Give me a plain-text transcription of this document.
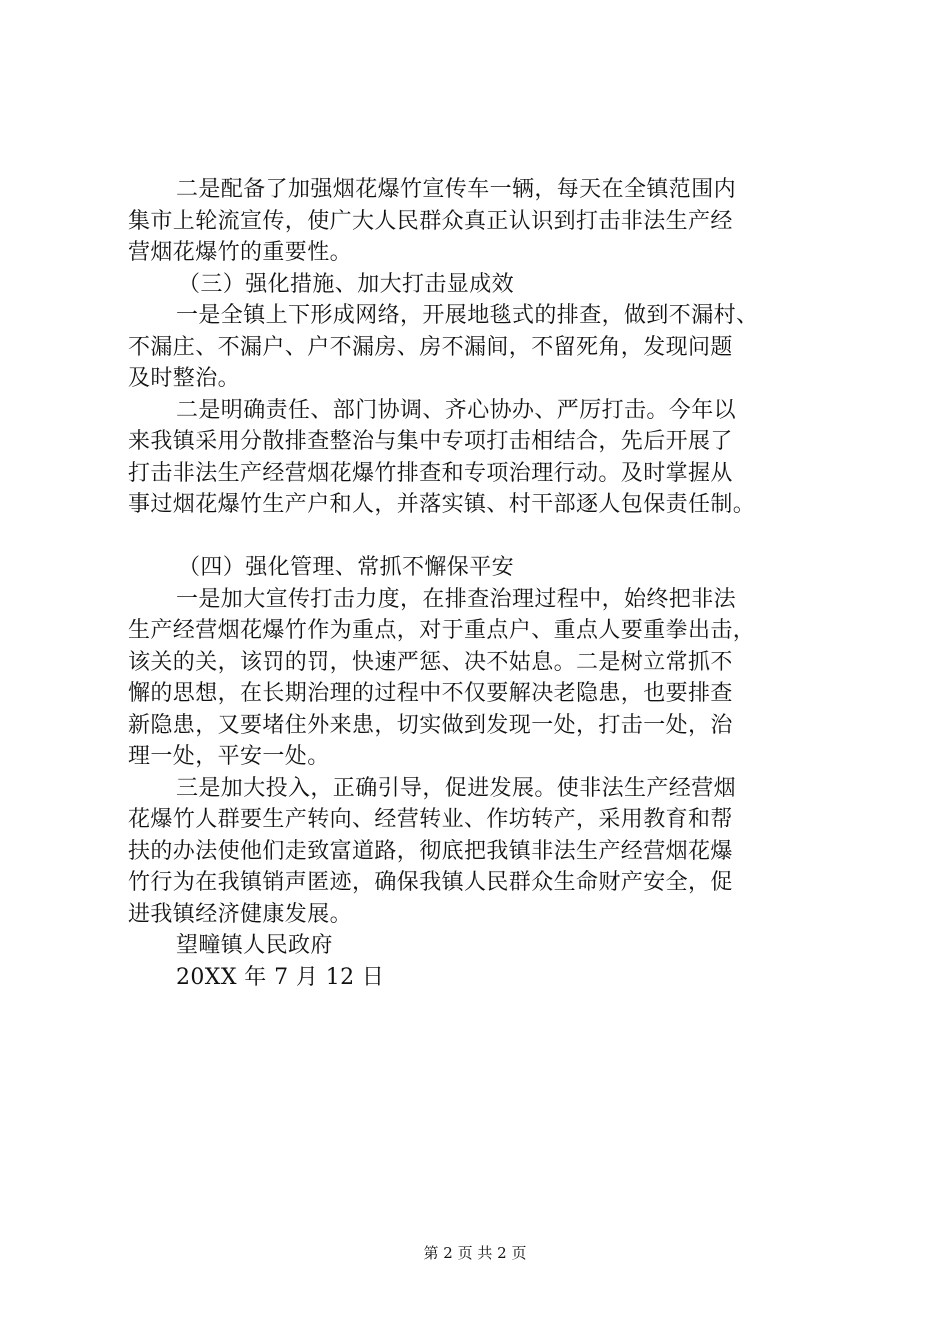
二是配备了加强烟花爆竹宣传车一辆，每天在全镇范围内
集市上轮流宣传，使广大人民群众真正认识到打击非法生产经
营烟花爆竹的重要性。
（三）强化措施、加大打击显成效
一是全镇上下形成网络，开展地毯式的排查，做到不漏村、
不漏庄、不漏户、户不漏房、房不漏间，不留死角，发现问题
及时整治。
二是明确责任、部门协调、齐心协办、严厉打击。今年以
来我镇采用分散排查整治与集中专项打击相结合，先后开展了
打击非法生产经营烟花爆竹排查和专项治理行动。及时掌握从
事过烟花爆竹生产户和人，并落实镇、村干部逐人包保责任制。
（四）强化管理、常抓不懈保平安
一是加大宣传打击力度，在排查治理过程中，始终把非法
生产经营烟花爆竹作为重点，对于重点户、重点人要重拳出击，
该关的关，该罚的罚，快速严惩、决不姑息。二是树立常抓不
懈的思想，在长期治理的过程中不仅要解决老隐患，也要排查
新隐患，又要堵住外来患，切实做到发现一处，打击一处，治
理一处，平安一处。
三是加大投入，正确引导，促进发展。使非法生产经营烟
花爆竹人群要生产转向、经营转业、作坊转产，采用教育和帮
扶的办法使他们走致富道路，彻底把我镇非法生产经营烟花爆
竹行为在我镇销声匿迹，确保我镇人民群众生命财产安全，促
进我镇经济健康发展。
望疃镇人民政府
20XX 年 7 月 12 日
第 2 页 共 2 页
